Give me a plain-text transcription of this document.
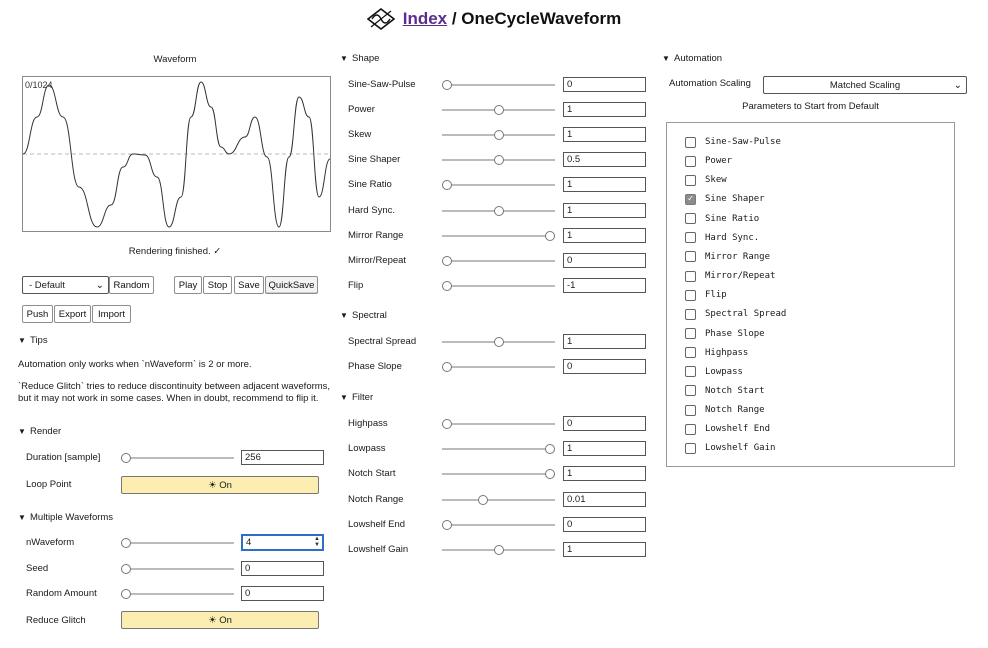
Index / OneCycleWaveform
Waveform
0/1024
Rendering finished. ✓
- Default	⌄	Random	Play	Stop	Save QuickSave
Push	Export	Import
▼ Tips
Automation only works when `nWaveform` is 2 or more.
`Reduce Glitch` tries to reduce discontinuity between adjacent waveforms,
but it may not work in some cases. When in doubt, recommend to flip it.
▼ Render
Duration [sample]	256
Loop Point	☀ On
▼ Multiple Waveforms
nWaveform	4	▲
▼
Seed	0
Random Amount	0
Reduce Glitch	☀ On
▼ Shape
Sine-Saw-Pulse	0
Power	1
Skew	1
Sine Shaper	0.5
Sine Ratio	1
Hard Sync.	1
Mirror Range	1
Mirror/Repeat	0
Flip	-1
▼ Spectral
Spectral Spread	1
Phase Slope	0
▼ Filter
Highpass	0
Lowpass	1
Notch Start	1
Notch Range	0.01
Lowshelf End	0
Lowshelf Gain	1
▼ Automation
Automation Scaling	Matched Scaling	⌄
Parameters to Start from Default
Sine-Saw-Pulse
Power
Skew
✓	Sine Shaper
Sine Ratio
Hard Sync.
Mirror Range
Mirror/Repeat
Flip
Spectral Spread
Phase Slope
Highpass
Lowpass
Notch Start
Notch Range
Lowshelf End
Lowshelf Gain
